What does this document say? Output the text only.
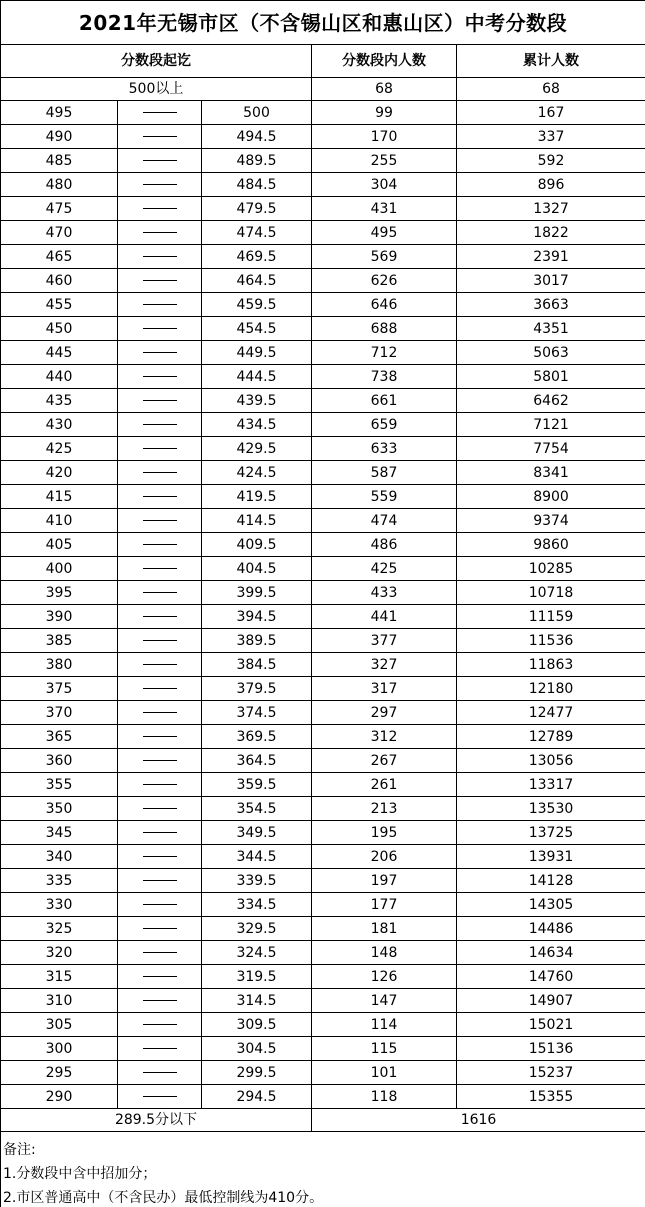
2021年无锡市区（不含锡山区和惠山区）中考分数段				
分数段起讫			分数段内人数	累计人数
500以上			68	68
495		500	99	167
490		494.5	170	337
485		489.5	255	592
480		484.5	304	896
475		479.5	431	1327
470		474.5	495	1822
465		469.5	569	2391
460		464.5	626	3017
455		459.5	646	3663
450		454.5	688	4351
445		449.5	712	5063
440		444.5	738	5801
435		439.5	661	6462
430		434.5	659	7121
425		429.5	633	7754
420		424.5	587	8341
415		419.5	559	8900
410		414.5	474	9374
405		409.5	486	9860
400		404.5	425	10285
395		399.5	433	10718
390		394.5	441	11159
385		389.5	377	11536
380		384.5	327	11863
375		379.5	317	12180
370		374.5	297	12477
365		369.5	312	12789
360		364.5	267	13056
355		359.5	261	13317
350		354.5	213	13530
345		349.5	195	13725
340		344.5	206	13931
335		339.5	197	14128
330		334.5	177	14305
325		329.5	181	14486
320		324.5	148	14634
315		319.5	126	14760
310		314.5	147	14907
305		309.5	114	15021
300		304.5	115	15136
295		299.5	101	15237
290		294.5	118	15355
289.5分以下			1616	

备注:
1.分数段中含中招加分；
2.市区普通高中（不含民办）最低控制线为410分。				
